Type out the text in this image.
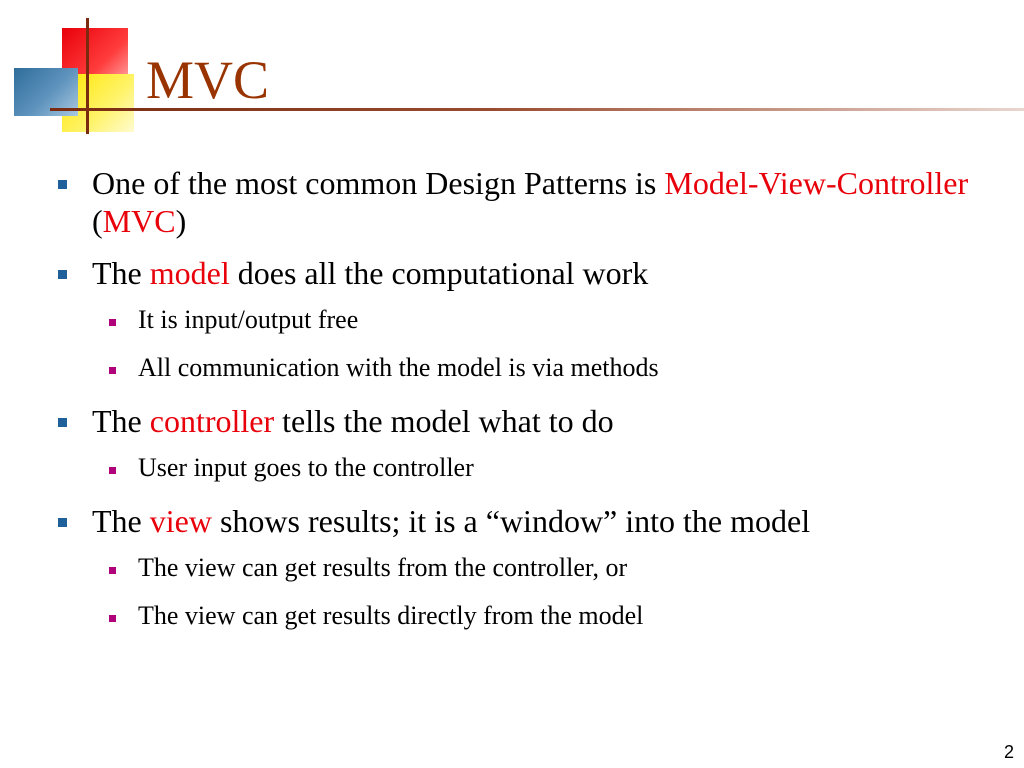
MVC
One of the most common Design Patterns is Model-View-Controller (MVC)
The model does all the computational work
It is input/output free
All communication with the model is via methods
The controller tells the model what to do
User input goes to the controller
The view shows results; it is a “window” into the model
The view can get results from the controller, or
The view can get results directly from the model
2
